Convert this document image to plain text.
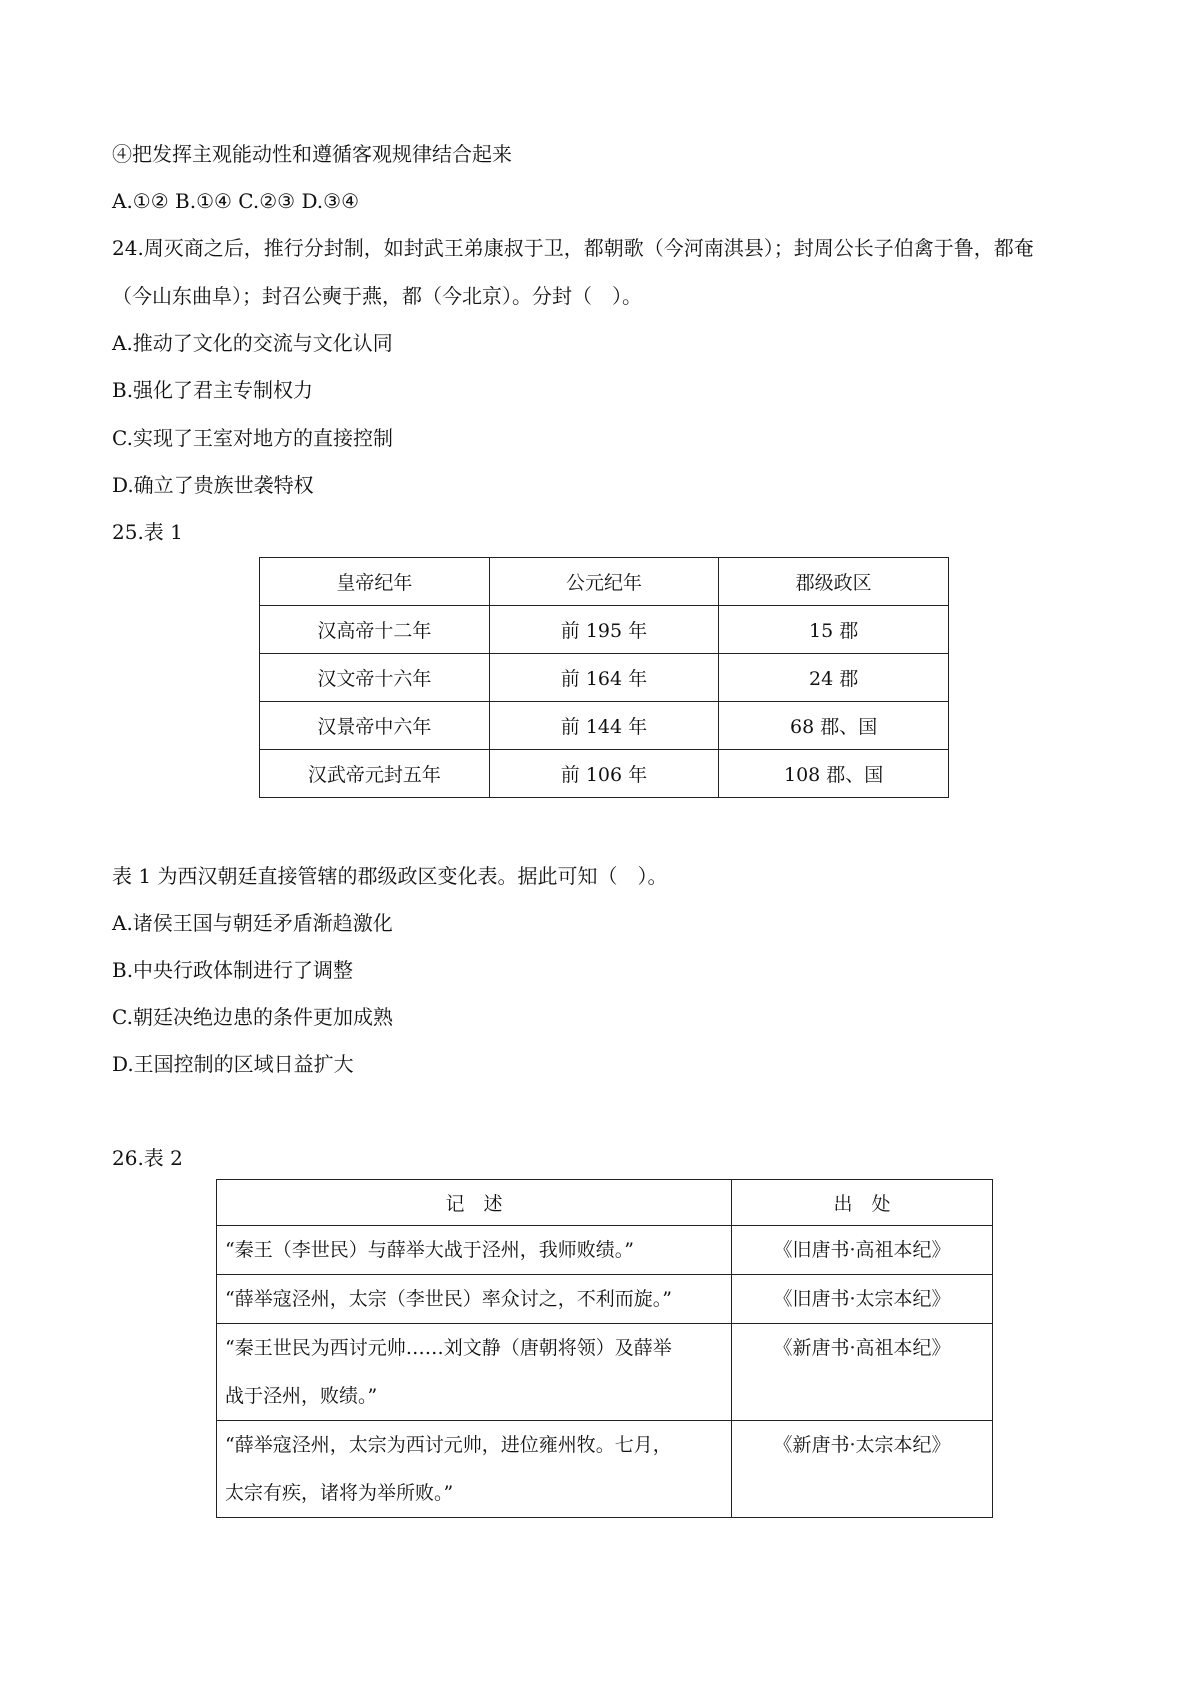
④把发挥主观能动性和遵循客观规律结合起来
A.①② B.①④ C.②③ D.③④
24.周灭商之后，推行分封制，如封武王弟康叔于卫，都朝歌（今河南淇县）；封周公长子伯禽于鲁，都奄
（今山东曲阜）；封召公奭于燕，都（今北京）。分封（　）。
A.推动了文化的交流与文化认同
B.强化了君主专制权力
C.实现了王室对地方的直接控制
D.确立了贵族世袭特权
25.表 1
皇帝纪年	公元纪年	郡级政区
汉高帝十二年	前 195 年	15 郡
汉文帝十六年	前 164 年	24 郡
汉景帝中六年	前 144 年	68 郡、国
汉武帝元封五年	前 106 年	108 郡、国
表 1 为西汉朝廷直接管辖的郡级政区变化表。据此可知（　）。
A.诸侯王国与朝廷矛盾渐趋激化
B.中央行政体制进行了调整
C.朝廷决绝边患的条件更加成熟
D.王国控制的区域日益扩大
26.表 2
记　述	出　处
“秦王（李世民）与薛举大战于泾州，我师败绩。”	《旧唐书·高祖本纪》
“薛举寇泾州，太宗（李世民）率众讨之，不利而旋。”	《旧唐书·太宗本纪》
“秦王世民为西讨元帅……刘文静（唐朝将领）及薛举
战于泾州，败绩。”	《新唐书·高祖本纪》
“薛举寇泾州，太宗为西讨元帅，进位雍州牧。七月，
太宗有疾，诸将为举所败。”	《新唐书·太宗本纪》
